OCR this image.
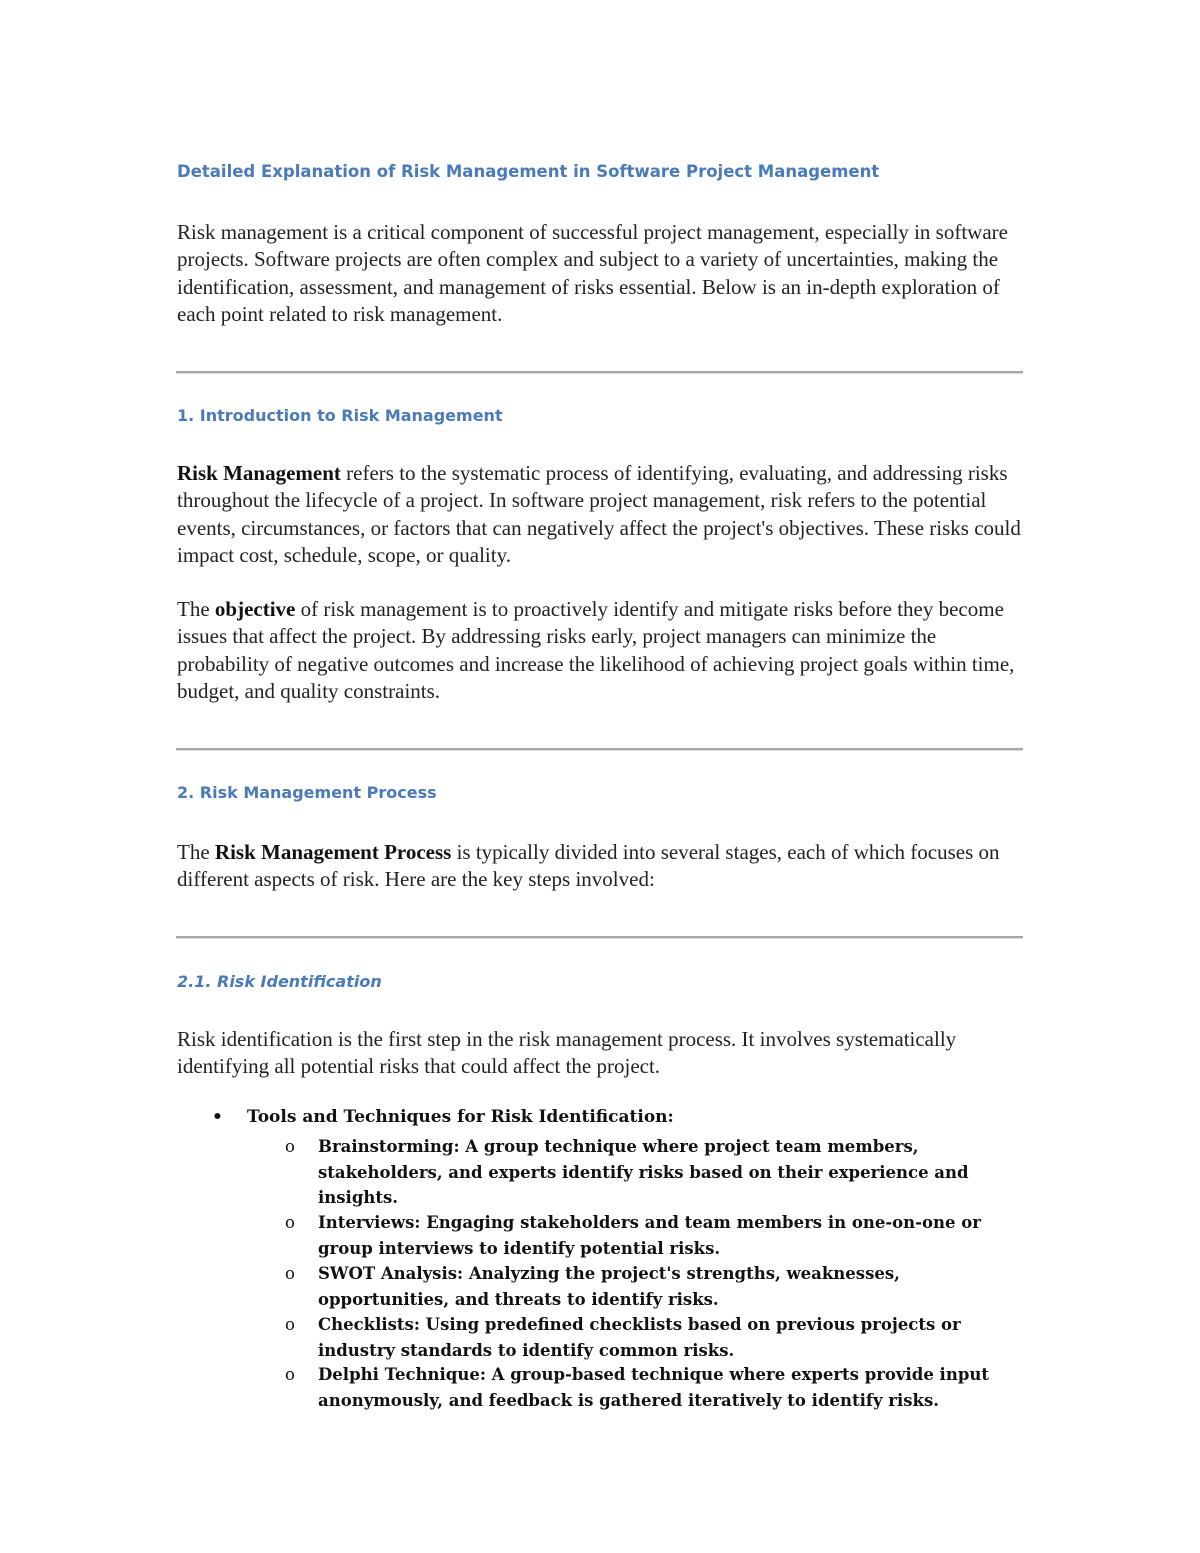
Detailed Explanation of Risk Management in Software Project Management

Risk management is a critical component of successful project management, especially in software projects. Software projects are often complex and subject to a variety of uncertainties, making the identification, assessment, and management of risks essential. Below is an in-depth exploration of each point related to risk management.

1. Introduction to Risk Management

Risk Management refers to the systematic process of identifying, evaluating, and addressing risks throughout the lifecycle of a project. In software project management, risk refers to the potential events, circumstances, or factors that can negatively affect the project's objectives. These risks could impact cost, schedule, scope, or quality.

The objective of risk management is to proactively identify and mitigate risks before they become issues that affect the project. By addressing risks early, project managers can minimize the probability of negative outcomes and increase the likelihood of achieving project goals within time, budget, and quality constraints.

2. Risk Management Process

The Risk Management Process is typically divided into several stages, each of which focuses on different aspects of risk. Here are the key steps involved:

2.1. Risk Identification

Risk identification is the first step in the risk management process. It involves systematically identifying all potential risks that could affect the project.

• Tools and Techniques for Risk Identification:
o Brainstorming: A group technique where project team members, stakeholders, and experts identify risks based on their experience and insights.
o Interviews: Engaging stakeholders and team members in one-on-one or group interviews to identify potential risks.
o SWOT Analysis: Analyzing the project's strengths, weaknesses, opportunities, and threats to identify risks.
o Checklists: Using predefined checklists based on previous projects or industry standards to identify common risks.
o Delphi Technique: A group-based technique where experts provide input anonymously, and feedback is gathered iteratively to identify risks.
